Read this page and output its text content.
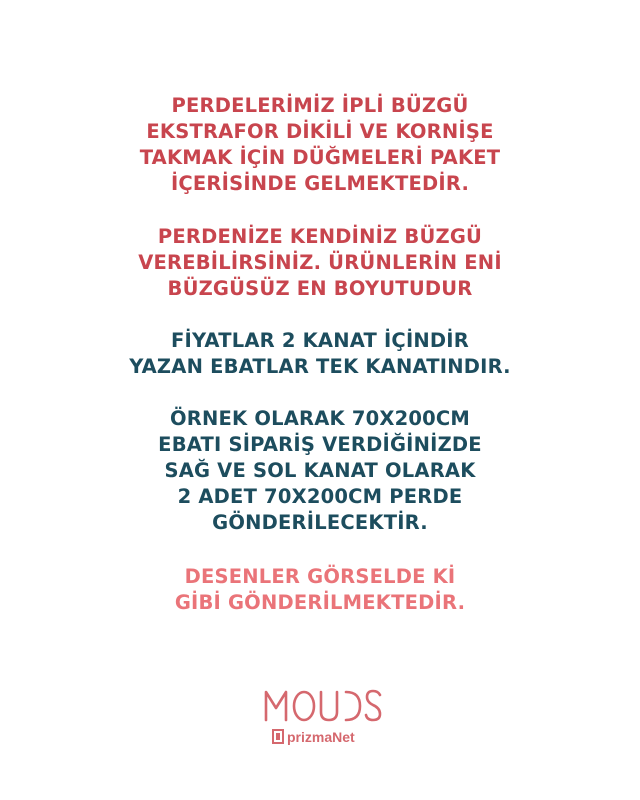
PERDELERİMİZ İPLİ BÜZGÜ
EKSTRAFOR DİKİLİ VE KORNİŞE
TAKMAK İÇİN DÜĞMELERİ PAKET
İÇERİSİNDE GELMEKTEDİR.
PERDENİZE KENDİNİZ BÜZGÜ
VEREBİLİRSİNİZ. ÜRÜNLERİN ENİ
BÜZGÜSÜZ EN BOYUTUDUR
FİYATLAR 2 KANAT İÇİNDİR
YAZAN EBATLAR TEK KANATINDIR.
ÖRNEK OLARAK 70X200CM
EBATI SİPARİŞ VERDİĞİNİZDE
SAĞ VE SOL KANAT OLARAK
2 ADET 70X200CM PERDE
GÖNDERİLECEKTİR.
DESENLER GÖRSELDE Kİ
GİBİ GÖNDERİLMEKTEDİR.
prizmaNet
